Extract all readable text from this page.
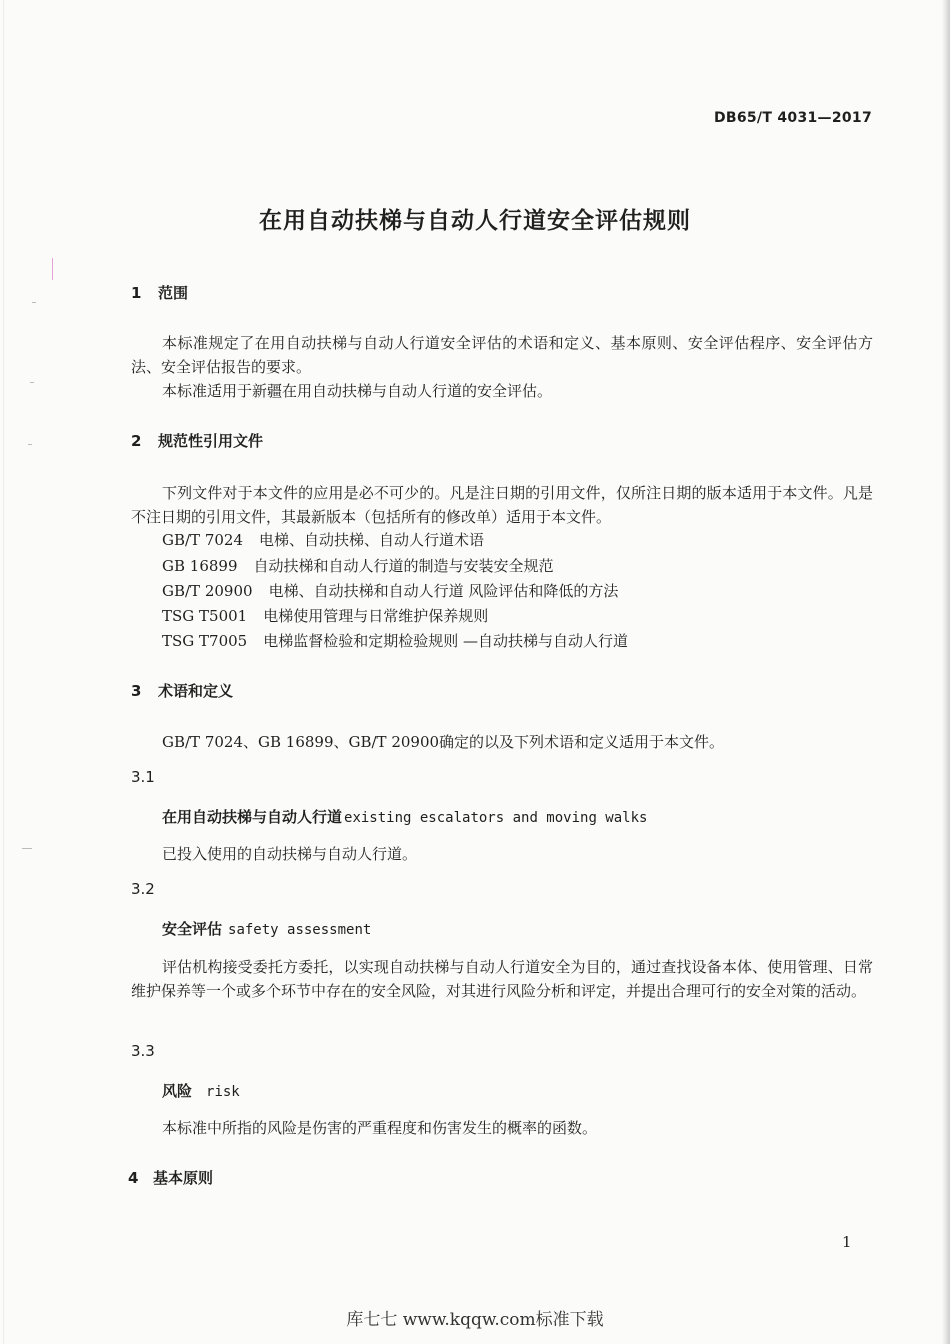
DB65/T 4031—2017
在用自动扶梯与自动人行道安全评估规则
1 范围
本标准规定了在用自动扶梯与自动人行道安全评估的术语和定义、基本原则、安全评估程序、安全评估方法、安全评估报告的要求。
本标准适用于新疆在用自动扶梯与自动人行道的安全评估。
2 规范性引用文件
下列文件对于本文件的应用是必不可少的。凡是注日期的引用文件，仅所注日期的版本适用于本文件。凡是不注日期的引用文件，其最新版本（包括所有的修改单）适用于本文件。
GB/T 7024 电梯、自动扶梯、自动人行道术语
GB 16899 自动扶梯和自动人行道的制造与安装安全规范
GB/T 20900 电梯、自动扶梯和自动人行道 风险评估和降低的方法
TSG T5001 电梯使用管理与日常维护保养规则
TSG T7005 电梯监督检验和定期检验规则 —自动扶梯与自动人行道
3 术语和定义
GB/T 7024、GB 16899、GB/T 20900确定的以及下列术语和定义适用于本文件。
3.1
在用自动扶梯与自动人行道 existing escalators and moving walks
已投入使用的自动扶梯与自动人行道。
3.2
安全评估 safety assessment
评估机构接受委托方委托，以实现自动扶梯与自动人行道安全为目的，通过查找设备本体、使用管理、日常维护保养等一个或多个环节中存在的安全风险，对其进行风险分析和评定，并提出合理可行的安全对策的活动。
3.3
风险 risk
本标准中所指的风险是伤害的严重程度和伤害发生的概率的函数。
4 基本原则
1
库七七 www.kqqw.com标准下载
